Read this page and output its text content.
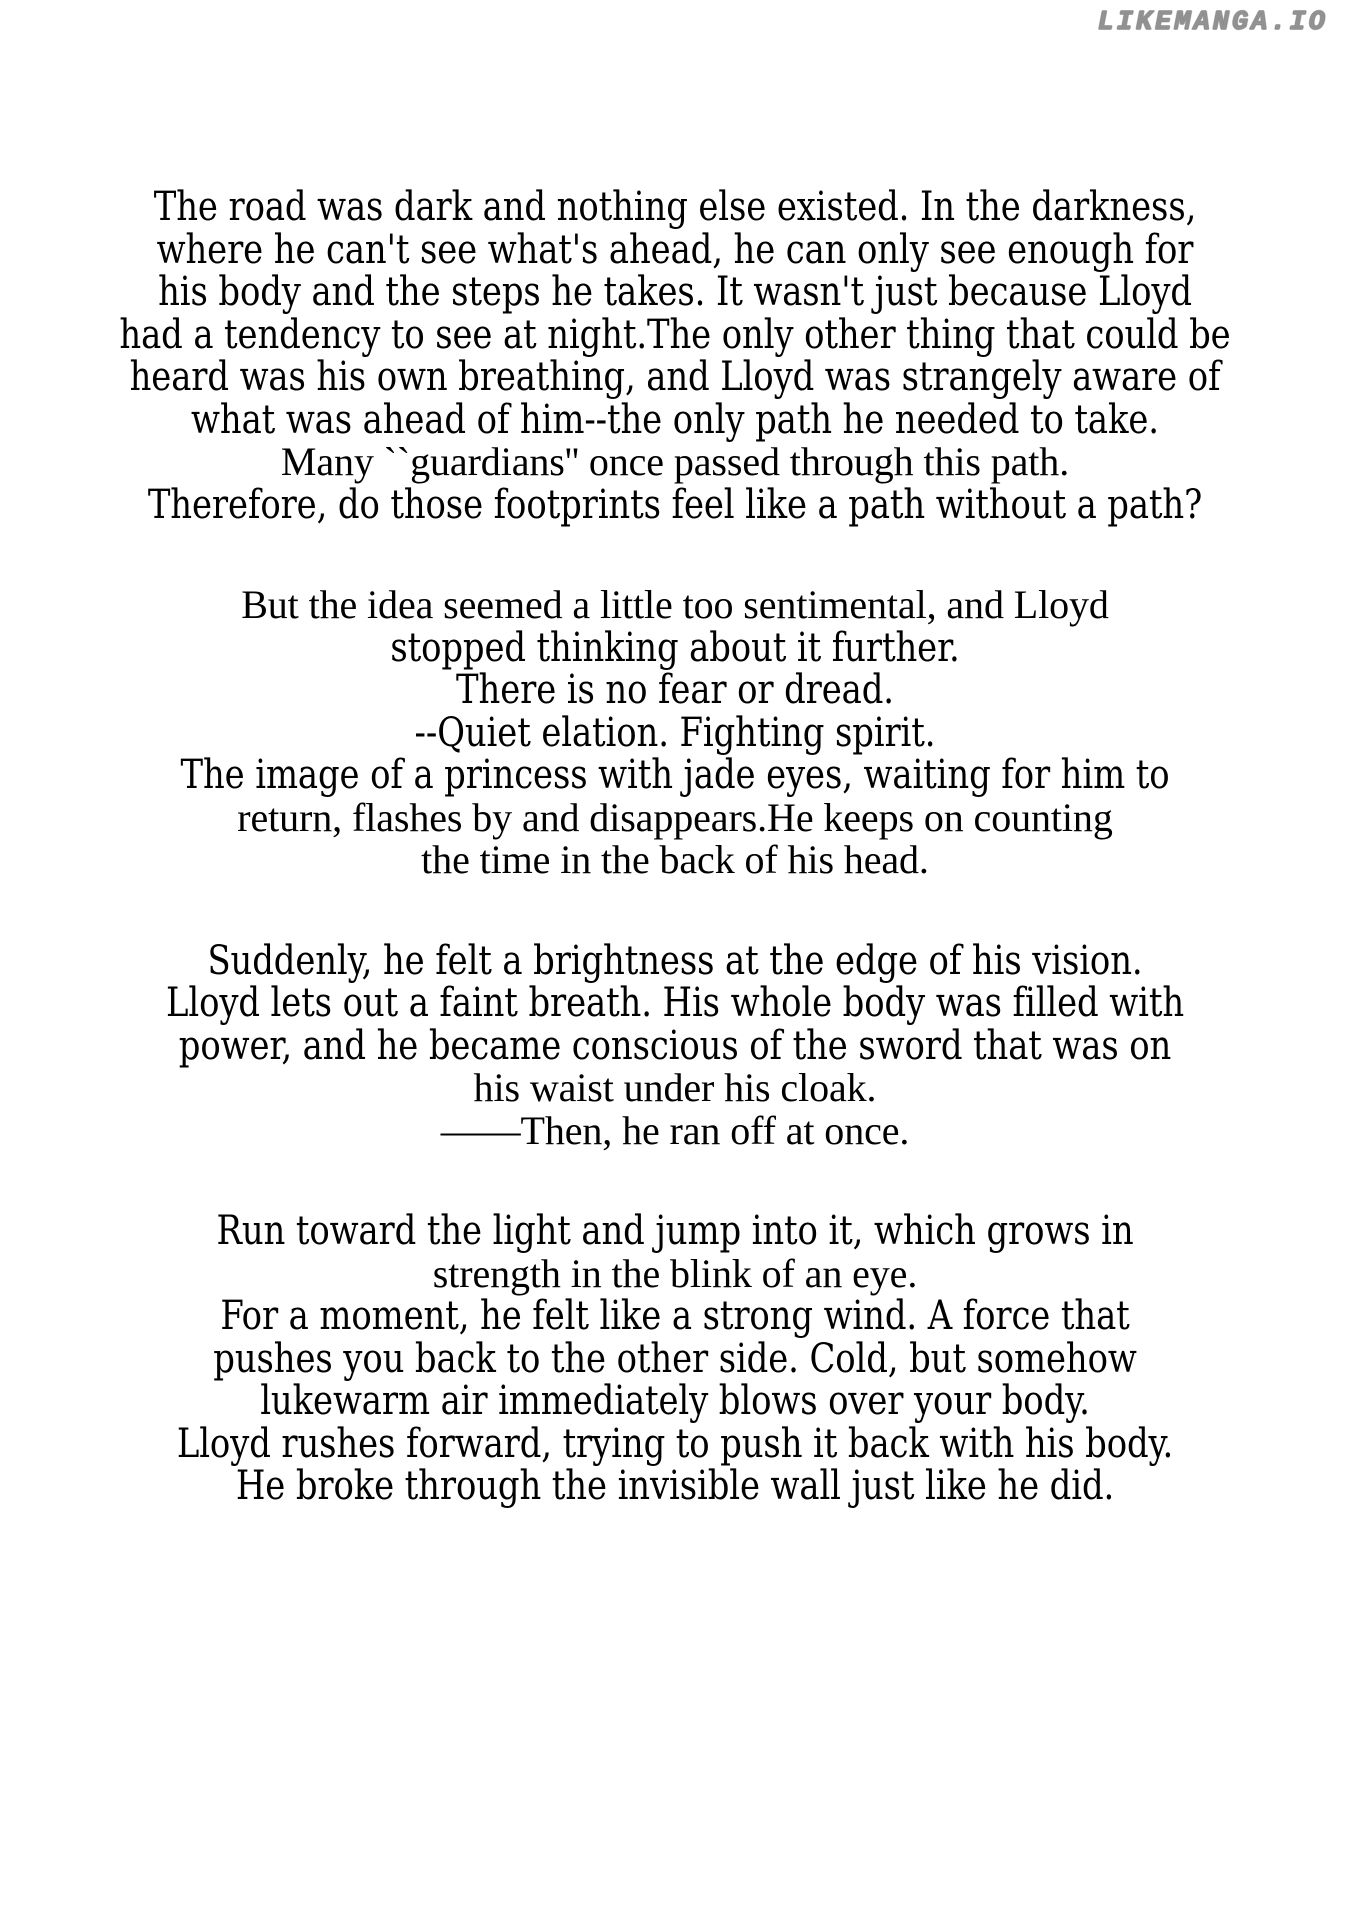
LIKEMANGA.IO
The road was dark and nothing else existed. In the darkness,
where he can't see what's ahead, he can only see enough for
his body and the steps he takes. It wasn't just because Lloyd
had a tendency to see at night.The only other thing that could be
heard was his own breathing, and Lloyd was strangely aware of
what was ahead of him--the only path he needed to take.
Many ``guardians'' once passed through this path.
Therefore, do those footprints feel like a path without a path?
But the idea seemed a little too sentimental, and Lloyd
stopped thinking about it further.
There is no fear or dread.
--Quiet elation. Fighting spirit.
The image of a princess with jade eyes, waiting for him to
return, flashes by and disappears.He keeps on counting
the time in the back of his head.
Suddenly, he felt a brightness at the edge of his vision.
Lloyd lets out a faint breath. His whole body was filled with
power, and he became conscious of the sword that was on
his waist under his cloak.
——Then, he ran off at once.
Run toward the light and jump into it, which grows in
strength in the blink of an eye.
For a moment, he felt like a strong wind. A force that
pushes you back to the other side. Cold, but somehow
lukewarm air immediately blows over your body.
Lloyd rushes forward, trying to push it back with his body.
He broke through the invisible wall just like he did.
